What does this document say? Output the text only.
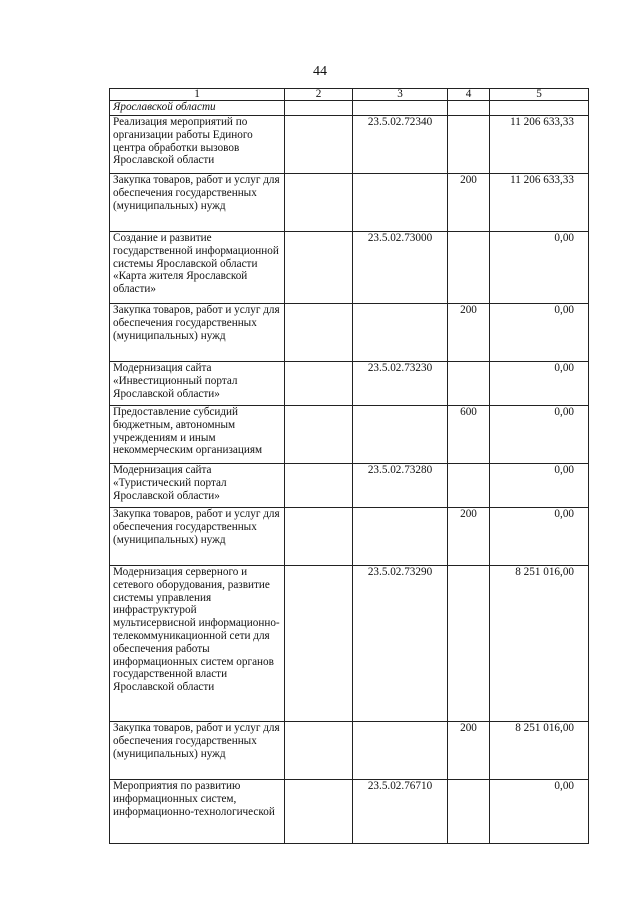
44
1	2	3	4	5
Ярославской области				
Реализация мероприятий по организации работы Единого центра обработки вызовов Ярославской области		23.5.02.72340		11 206 633,33
Закупка товаров, работ и услуг для обеспечения государственных (муниципальных) нужд			200	11 206 633,33
Создание и развитие государственной информационной системы Ярославской области «Карта жителя Ярославской области»		23.5.02.73000		0,00
Закупка товаров, работ и услуг для обеспечения государственных (муниципальных) нужд			200	0,00
Модернизация сайта «Инвестиционный портал Ярославской области»		23.5.02.73230		0,00
Предоставление субсидий бюджетным, автономным учреждениям и иным некоммерческим организациям			600	0,00
Модернизация сайта «Туристический портал Ярославской области»		23.5.02.73280		0,00
Закупка товаров, работ и услуг для обеспечения государственных (муниципальных) нужд			200	0,00
Модернизация серверного и сетевого оборудования, развитие системы управления инфраструктурой мультисервисной информационно-телекоммуникационной сети для обеспечения работы информационных систем органов государственной власти Ярославской области		23.5.02.73290		8 251 016,00
Закупка товаров, работ и услуг для обеспечения государственных (муниципальных) нужд			200	8 251 016,00
Мероприятия по развитию информационных систем, информационно-технологической		23.5.02.76710		0,00
